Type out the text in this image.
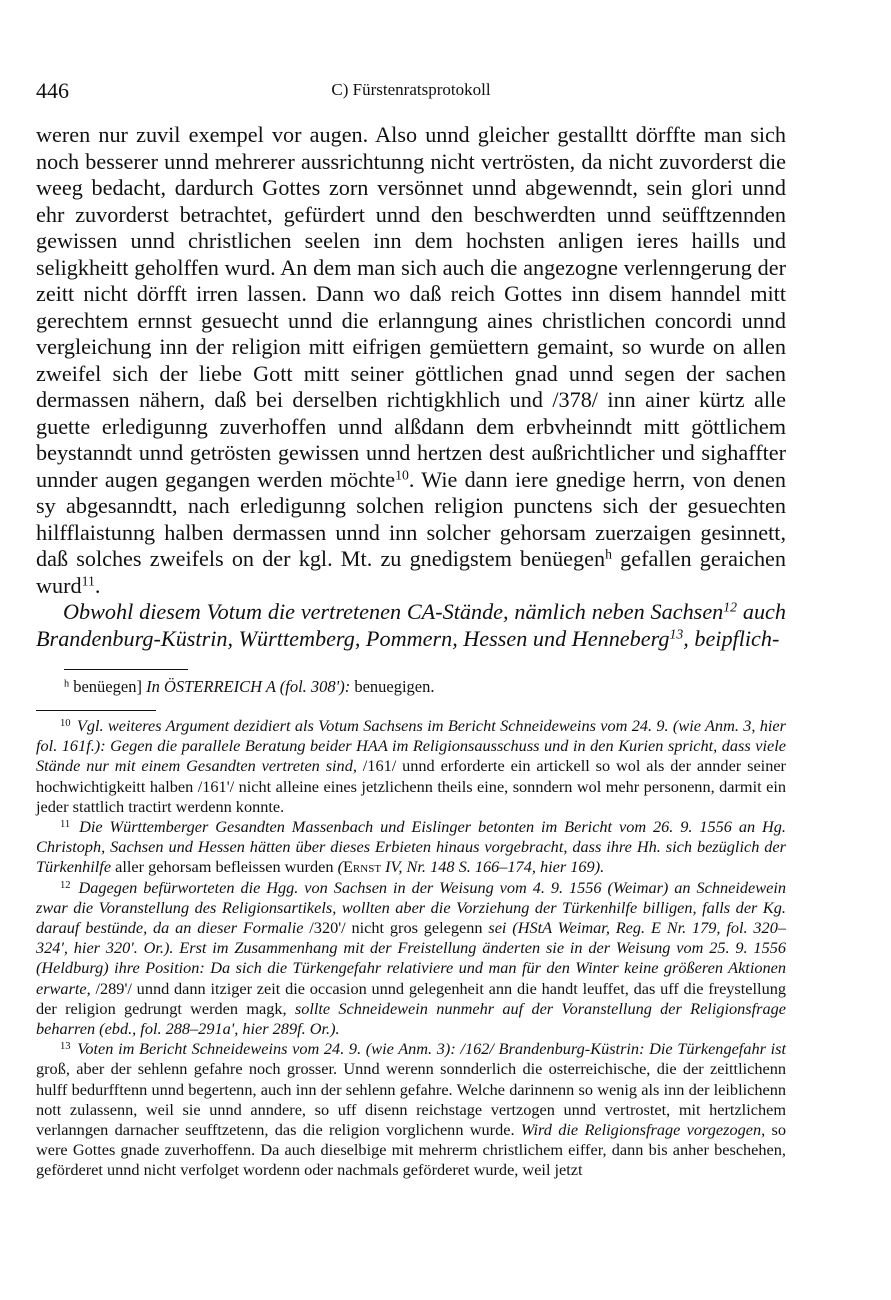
446	C) Fürstenratsprotokoll

weren nur zuvil exempel vor augen. Also unnd gleicher gestalltt dörffte man sich noch besserer unnd mehrerer aussrichtunng nicht vertrösten, da nicht zuvorderst die weeg bedacht, dardurch Gottes zorn versönnet unnd abgewenndt, sein glori unnd ehr zuvorderst betrachtet, gefürdert unnd den beschwerdten unnd seüfftzennden gewissen unnd christlichen seelen inn dem hochsten anligen ieres haills und seligkheitt geholffen wurd. An dem man sich auch die angezogne verlenngerung der zeitt nicht dörfft irren lassen. Dann wo daß reich Gottes inn disem hanndel mitt gerechtem ernnst gesuecht unnd die erlanngung aines christlichen concordi unnd vergleichung inn der religion mitt eifrigen gemüettern gemaint, so wurde on allen zweifel sich der liebe Gott mitt seiner göttlichen gnad unnd segen der sachen dermassen nähern, daß bei derselben richtigkhlich und /378/ inn ainer kürtz alle guette erledigunng zuverhoffen unnd alßdann dem erbvheinndt mitt göttlichem beystanndt unnd getrösten gewissen unnd hertzen dest außrichtlicher und sighaffter unnder augen gegangen werden möchte$^{10}$. Wie dann iere gnedige herrn, von denen sy abgesanndtt, nach erledigunng solchen religion punctens sich der gesuechten hilfflaistunng halben dermassen unnd inn solcher gehorsam zuerzaigen gesinnett, daß solches zweifels on der kgl. Mt. zu gnedigstem benüegen$^h$ gefallen geraichen wurd$^{11}$.

Obwohl diesem Votum die vertretenen CA-Stände, nämlich neben Sachsen$^{12}$ auch Brandenburg-Küstrin, Württemberg, Pommern, Hessen und Henneberg$^{13}$, beipflich-

$^h$ benüegen] In ÖSTERREICH A (fol. 308'): benuegigen.

$^{10}$ Vgl. weiteres Argument dezidiert als Votum Sachsens im Bericht Schneideweins vom 24. 9. (wie Anm. 3, hier fol. 161f.): Gegen die parallele Beratung beider HAA im Religionsausschuss und in den Kurien spricht, dass viele Stände nur mit einem Gesandten vertreten sind, /161/ unnd erforderte ein artickell so wol als der annder seiner hochwichtigkeitt halben /161'/ nicht alleine eines jetzlichenn theils eine, sonndern wol mehr personenn, darmit ein jeder stattlich tractirt werdenn konnte.

$^{11}$ Die Württemberger Gesandten Massenbach und Eislinger betonten im Bericht vom 26. 9. 1556 an Hg. Christoph, Sachsen und Hessen hätten über dieses Erbieten hinaus vorgebracht, dass ihre Hh. sich bezüglich der Türkenhilfe aller gehorsam befleissen wurden (Ernst IV, Nr. 148 S. 166–174, hier 169).

$^{12}$ Dagegen befürworteten die Hgg. von Sachsen in der Weisung vom 4. 9. 1556 (Weimar) an Schneidewein zwar die Voranstellung des Religionsartikels, wollten aber die Vorziehung der Türkenhilfe billigen, falls der Kg. darauf bestünde, da an dieser Formalie /320'/ nicht gros gelegenn sei (HStA Weimar, Reg. E Nr. 179, fol. 320–324', hier 320'. Or.). Erst im Zusammenhang mit der Freistellung änderten sie in der Weisung vom 25. 9. 1556 (Heldburg) ihre Position: Da sich die Türkengefahr relativiere und man für den Winter keine größeren Aktionen erwarte, /289'/ unnd dann itziger zeit die occasion unnd gelegenheit ann die handt leuffet, das uff die freystellung der religion gedrungt werden magk, sollte Schneidewein nunmehr auf der Voranstellung der Religionsfrage beharren (ebd., fol. 288–291a', hier 289f. Or.).

$^{13}$ Voten im Bericht Schneideweins vom 24. 9. (wie Anm. 3): /162/ Brandenburg-Küstrin: Die Türkengefahr ist groß, aber der sehlenn gefahre noch grosser. Unnd werenn sonnderlich die osterreichische, die der zeittlichenn hulff bedurfftenn unnd begertenn, auch inn der sehlenn gefahre. Welche darinnenn so wenig als inn der leiblichenn nott zulassenn, weil sie unnd anndere, so uff disenn reichstage vertzogen unnd vertrostet, mit hertzlichem verlanngen darnacher seufftzetenn, das die religion vorglichenn wurde. Wird die Religionsfrage vorgezogen, so were Gottes gnade zuverhoffenn. Da auch dieselbige mit mehrerm christlichem eiffer, dann bis anher beschehen, geförderet unnd nicht verfolget wordenn oder nachmals geförderet wurde, weil jetzt
